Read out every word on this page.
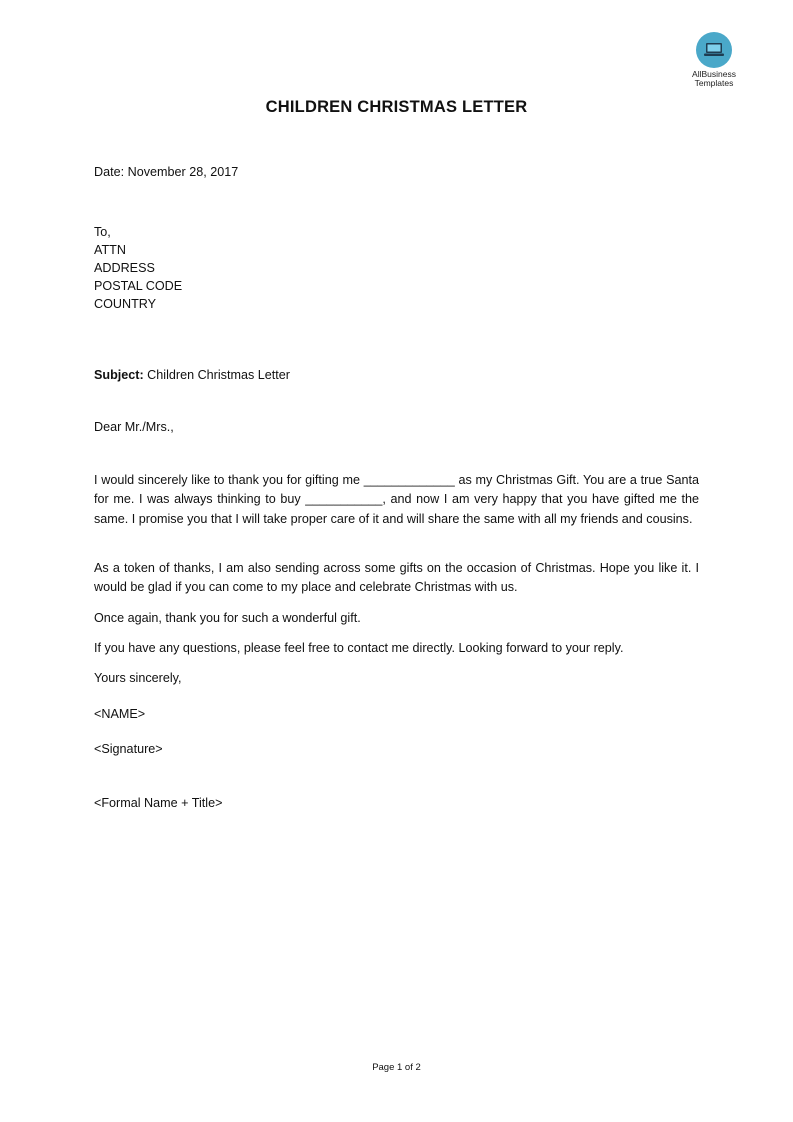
AllBusiness
Templates
CHILDREN CHRISTMAS LETTER
Date: November 28, 2017
To,
ATTN
ADDRESS
POSTAL CODE
COUNTRY
Subject: Children Christmas Letter
Dear Mr./Mrs.,
I would sincerely like to thank you for gifting me _____________ as my Christmas Gift. You are a true Santa for me. I was always thinking to buy ___________, and now I am very happy that you have gifted me the same. I promise you that I will take proper care of it and will share the same with all my friends and cousins.
As a token of thanks, I am also sending across some gifts on the occasion of Christmas. Hope you like it. I would be glad if you can come to my place and celebrate Christmas with us.
Once again, thank you for such a wonderful gift.
If you have any questions, please feel free to contact me directly. Looking forward to your reply.
Yours sincerely,
<NAME>
<Signature>
<Formal Name + Title>
Page 1 of 2
